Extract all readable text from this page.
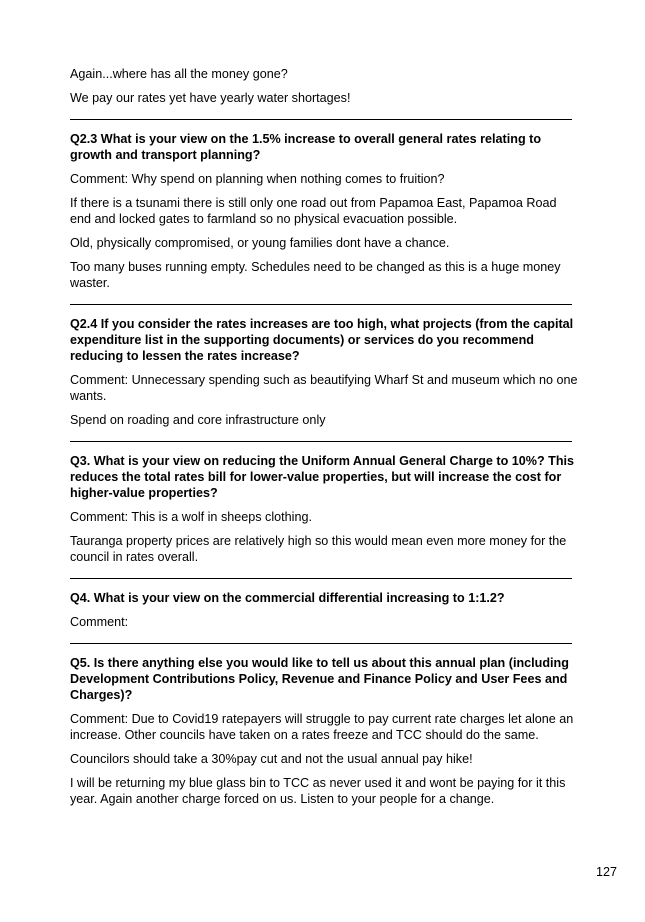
Again...where has all the money gone?

We pay our rates yet have yearly water shortages!

Q2.3 What is your view on the 1.5% increase to overall general rates relating to growth and transport planning?

Comment: Why spend on planning when nothing comes to fruition?

If there is a tsunami there is still only one road out from Papamoa East, Papamoa Road end and locked gates to farmland so no physical evacuation possible.

Old, physically compromised, or young families dont have a chance.

Too many buses running empty. Schedules need to be changed as this is a huge money waster.

Q2.4 If you consider the rates increases are too high, what projects (from the capital expenditure list in the supporting documents) or services do you recommend reducing to lessen the rates increase?

Comment: Unnecessary spending such as beautifying Wharf St and museum which no one wants.

Spend on roading and core infrastructure only

Q3. What is your view on reducing the Uniform Annual General Charge to 10%? This reduces the total rates bill for lower-value properties, but will increase the cost for higher-value properties?

Comment: This is a wolf in sheeps clothing.

Tauranga property prices are relatively high so this would mean even more money for the council in rates overall.

Q4. What is your view on the commercial differential increasing to 1:1.2?

Comment:

Q5. Is there anything else you would like to tell us about this annual plan (including Development Contributions Policy, Revenue and Finance Policy and User Fees and Charges)?

Comment: Due to Covid19 ratepayers will struggle to pay current rate charges let alone an increase. Other councils have taken on a rates freeze and TCC should do the same.

Councilors should take a 30%pay cut and not the usual annual pay hike!

I will be returning my blue glass bin to TCC as never used it and wont be paying for it this year. Again another charge forced on us. Listen to your people for a change.

127
